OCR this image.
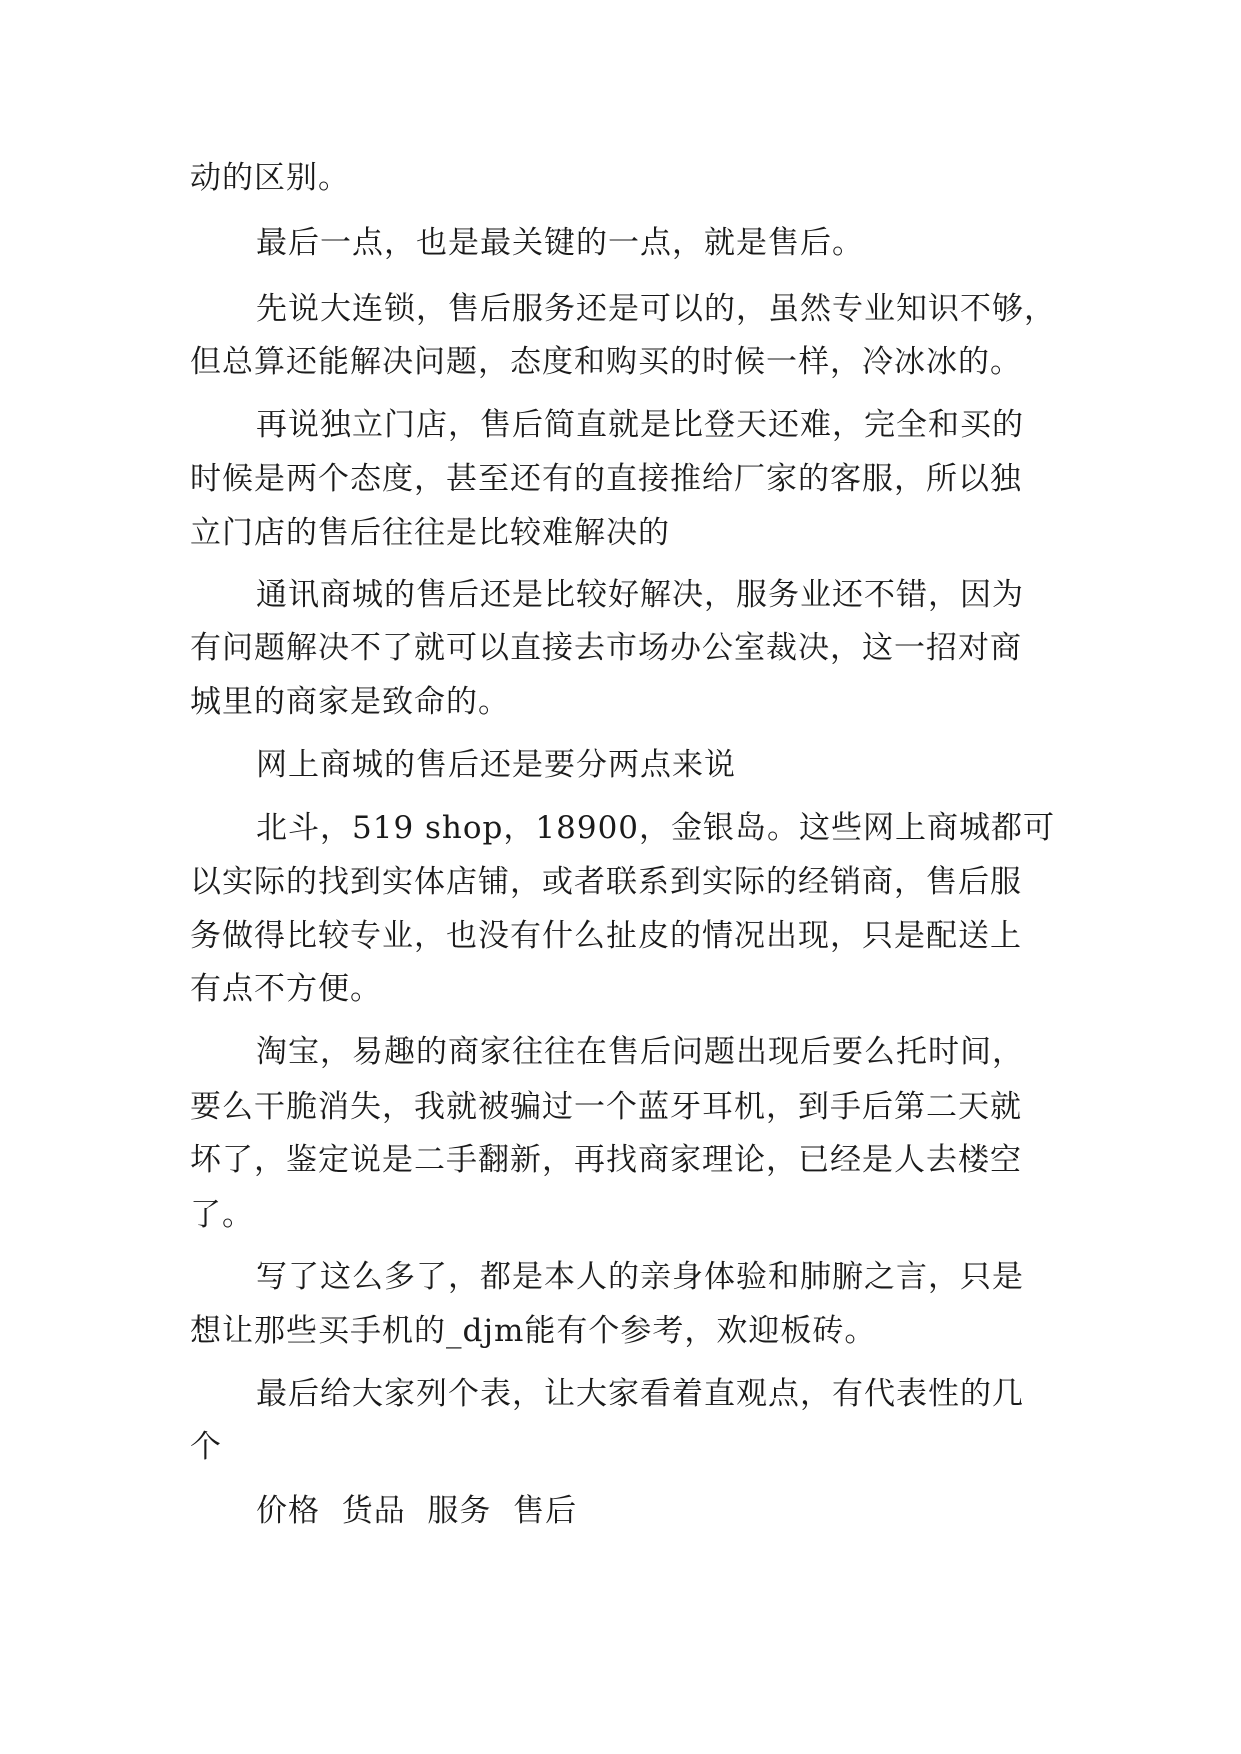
动的区别。
最后一点，也是最关键的一点，就是售后。
先说大连锁，售后服务还是可以的，虽然专业知识不够，
但总算还能解决问题，态度和购买的时候一样，冷冰冰的。
再说独立门店，售后简直就是比登天还难，完全和买的
时候是两个态度，甚至还有的直接推给厂家的客服，所以独
立门店的售后往往是比较难解决的
通讯商城的售后还是比较好解决，服务业还不错，因为
有问题解决不了就可以直接去市场办公室裁决，这一招对商
城里的商家是致命的。
网上商城的售后还是要分两点来说
北斗，519 shop，18900，金银岛。这些网上商城都可
以实际的找到实体店铺，或者联系到实际的经销商，售后服
务做得比较专业，也没有什么扯皮的情况出现，只是配送上
有点不方便。
淘宝，易趣的商家往往在售后问题出现后要么托时间，
要么干脆消失，我就被骗过一个蓝牙耳机，到手后第二天就
坏了，鉴定说是二手翻新，再找商家理论，已经是人去楼空
了。
写了这么多了，都是本人的亲身体验和肺腑之言，只是
想让那些买手机的_djm能有个参考，欢迎板砖。
最后给大家列个表，让大家看着直观点，有代表性的几
个
价格  货品  服务  售后
